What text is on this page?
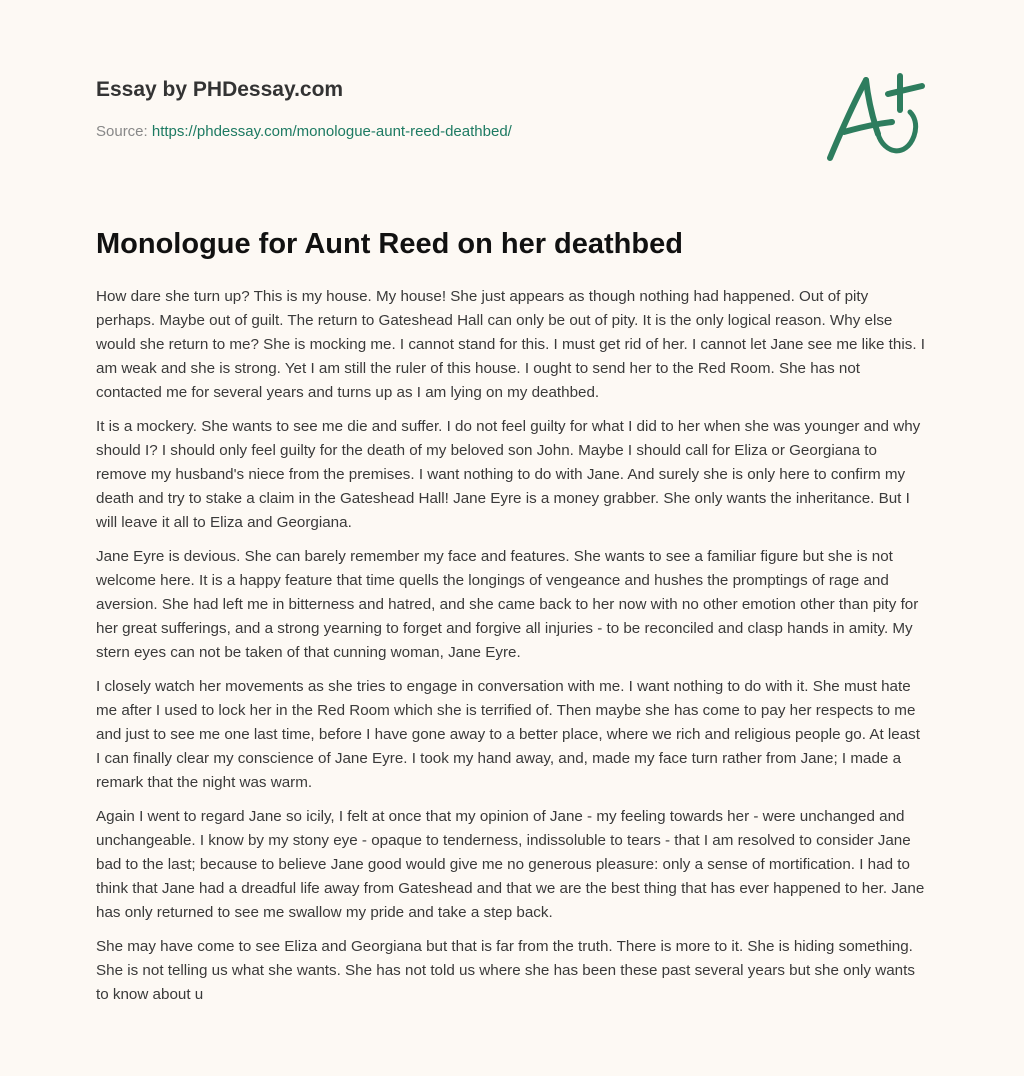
Essay by PHDessay.com
Source: https://phdessay.com/monologue-aunt-reed-deathbed/
Monologue for Aunt Reed on her deathbed

How dare she turn up? This is my house. My house! She just appears as though nothing had happened. Out of pity perhaps. Maybe out of guilt. The return to Gateshead Hall can only be out of pity. It is the only logical reason. Why else would she return to me? She is mocking me. I cannot stand for this. I must get rid of her. I cannot let Jane see me like this. I am weak and she is strong. Yet I am still the ruler of this house. I ought to send her to the Red Room. She has not contacted me for several years and turns up as I am lying on my deathbed.

It is a mockery. She wants to see me die and suffer. I do not feel guilty for what I did to her when she was younger and why should I? I should only feel guilty for the death of my beloved son John. Maybe I should call for Eliza or Georgiana to remove my husband's niece from the premises. I want nothing to do with Jane. And surely she is only here to confirm my death and try to stake a claim in the Gateshead Hall! Jane Eyre is a money grabber. She only wants the inheritance. But I will leave it all to Eliza and Georgiana.

Jane Eyre is devious. She can barely remember my face and features. She wants to see a familiar figure but she is not welcome here. It is a happy feature that time quells the longings of vengeance and hushes the promptings of rage and aversion. She had left me in bitterness and hatred, and she came back to her now with no other emotion other than pity for her great sufferings, and a strong yearning to forget and forgive all injuries - to be reconciled and clasp hands in amity. My stern eyes can not be taken of that cunning woman, Jane Eyre.

I closely watch her movements as she tries to engage in conversation with me. I want nothing to do with it. She must hate me after I used to lock her in the Red Room which she is terrified of. Then maybe she has come to pay her respects to me and just to see me one last time, before I have gone away to a better place, where we rich and religious people go. At least I can finally clear my conscience of Jane Eyre. I took my hand away, and, made my face turn rather from Jane; I made a remark that the night was warm.

Again I went to regard Jane so icily, I felt at once that my opinion of Jane - my feeling towards her - were unchanged and unchangeable. I know by my stony eye - opaque to tenderness, indissoluble to tears - that I am resolved to consider Jane bad to the last; because to believe Jane good would give me no generous pleasure: only a sense of mortification. I had to think that Jane had a dreadful life away from Gateshead and that we are the best thing that has ever happened to her. Jane has only returned to see me swallow my pride and take a step back.

She may have come to see Eliza and Georgiana but that is far from the truth. There is more to it. She is hiding something. She is not telling us what she wants. She has not told us where she has been these past several years but she only wants to know about u
